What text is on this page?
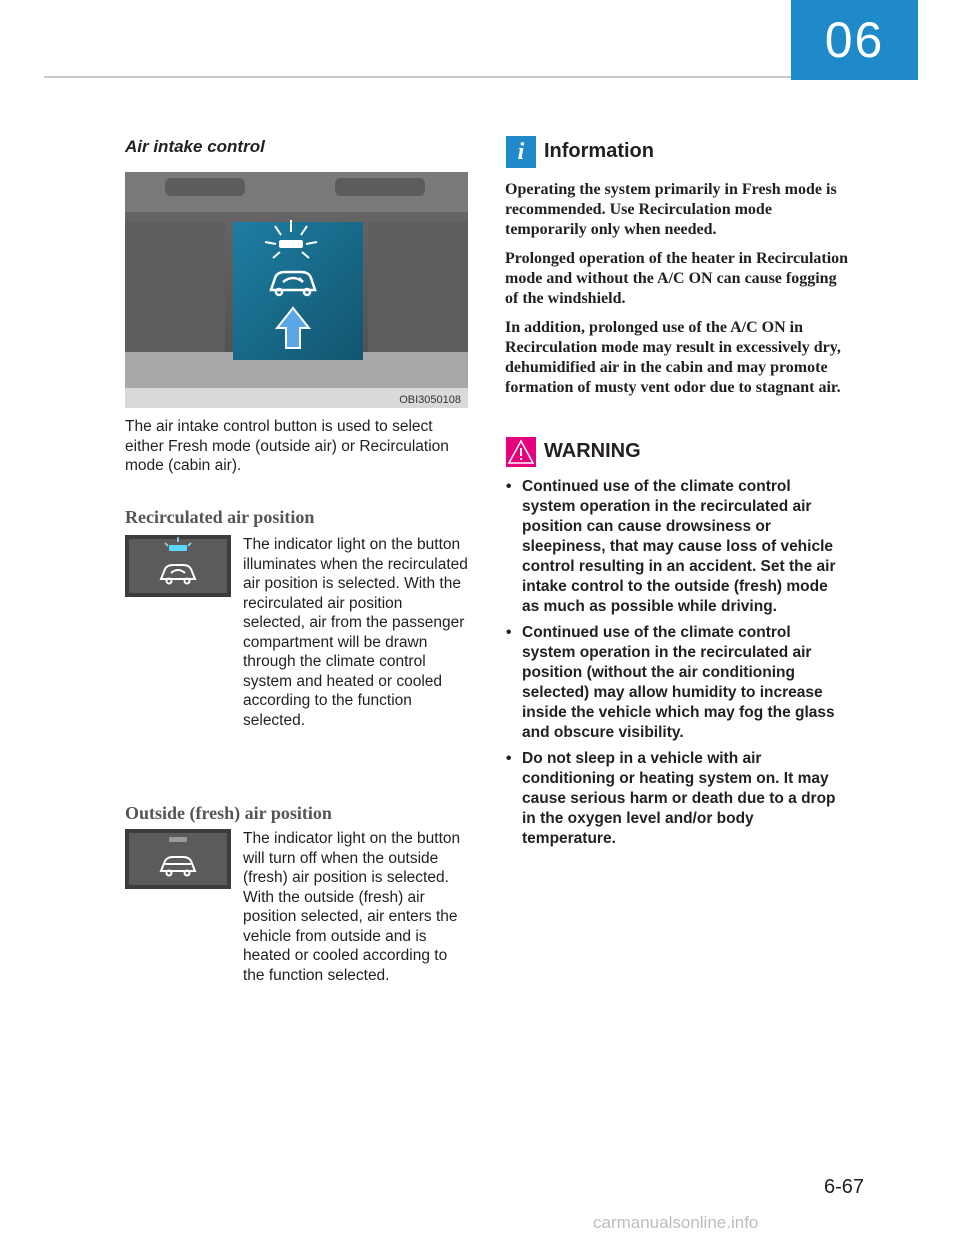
06
Air intake control
OBI3050108
The air intake control button is used to select either Fresh mode (outside air) or Recirculation mode (cabin air).
Recirculated air position
The indicator light on the button illuminates when the recirculated air position is selected. With the recirculated air position selected, air from the passenger compartment will be drawn through the climate control system and heated or cooled according to the function selected.
Outside (fresh) air position
The indicator light on the button will turn off when the outside (fresh) air position is selected. With the outside (fresh) air position selected, air enters the vehicle from outside and is heated or cooled according to the function selected.
i Information

Operating the system primarily in Fresh mode is recommended. Use Recirculation mode temporarily only when needed.

Prolonged operation of the heater in Recirculation mode and without the A/C ON can cause fogging of the windshield.

In addition, prolonged use of the A/C ON in Recirculation mode may result in excessively dry, dehumidified air in the cabin and may promote formation of musty vent odor due to stagnant air.

WARNING
• Continued use of the climate control system operation in the recirculated air position can cause drowsiness or sleepiness, that may cause loss of vehicle control resulting in an accident. Set the air intake control to the outside (fresh) mode as much as possible while driving.
• Continued use of the climate control system operation in the recirculated air position (without the air conditioning selected) may allow humidity to increase inside the vehicle which may fog the glass and obscure visibility.
• Do not sleep in a vehicle with air conditioning or heating system on. It may cause serious harm or death due to a drop in the oxygen level and/or body temperature.
6-67
carmanualsonline.info
